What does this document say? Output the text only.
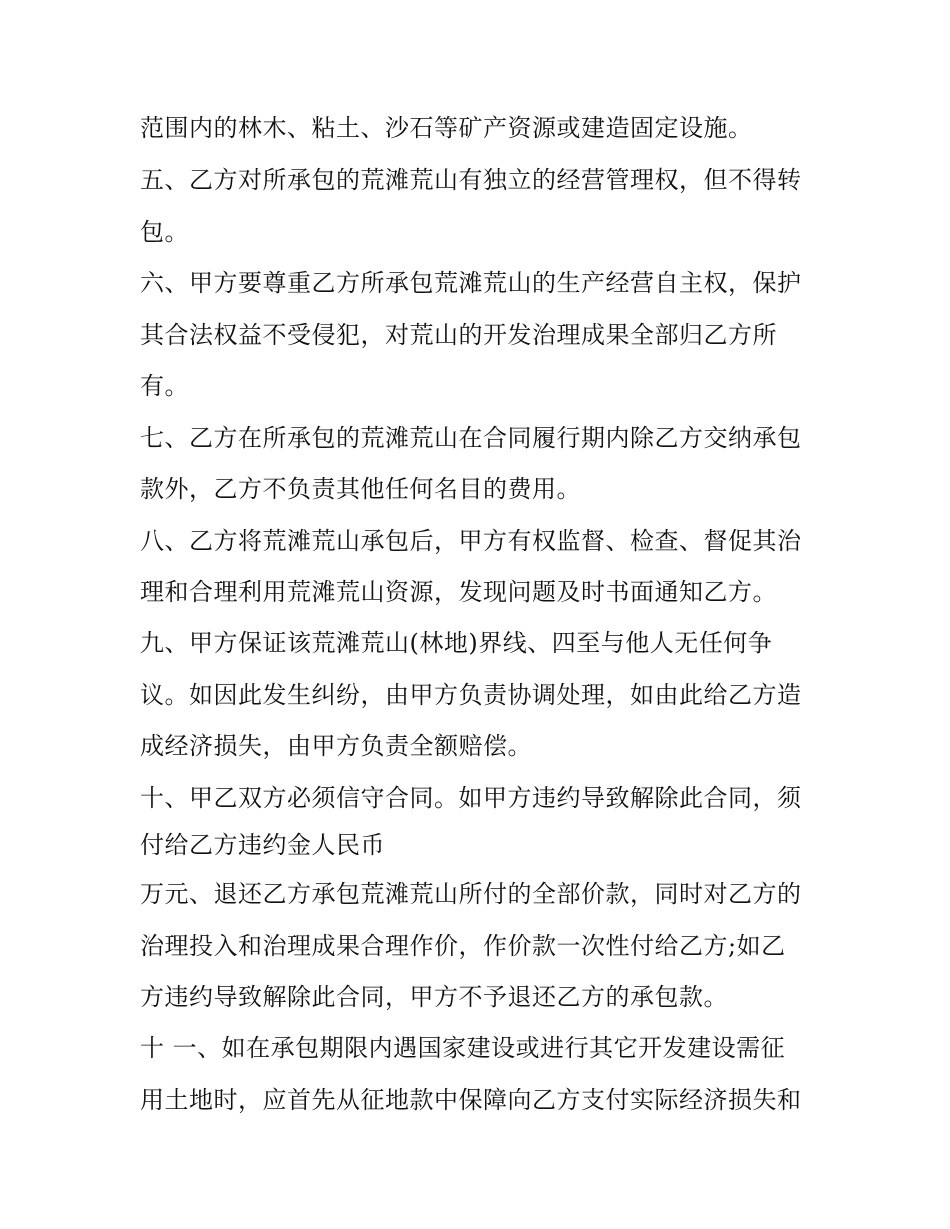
范围内的林木、粘土、沙石等矿产资源或建造固定设施。
五、乙方对所承包的荒滩荒山有独立的经营管理权，但不得转
包。
六、甲方要尊重乙方所承包荒滩荒山的生产经营自主权，保护
其合法权益不受侵犯，对荒山的开发治理成果全部归乙方所
有。
七、乙方在所承包的荒滩荒山在合同履行期内除乙方交纳承包
款外，乙方不负责其他任何名目的费用。
八、乙方将荒滩荒山承包后，甲方有权监督、检查、督促其治
理和合理利用荒滩荒山资源，发现问题及时书面通知乙方。
九、甲方保证该荒滩荒山(林地)界线、四至与他人无任何争
议。如因此发生纠纷，由甲方负责协调处理，如由此给乙方造
成经济损失，由甲方负责全额赔偿。
十、甲乙双方必须信守合同。如甲方违约导致解除此合同，须
付给乙方违约金人民币
万元、退还乙方承包荒滩荒山所付的全部价款，同时对乙方的
治理投入和治理成果合理作价，作价款一次性付给乙方;如乙
方违约导致解除此合同，甲方不予退还乙方的承包款。
十 一、如在承包期限内遇国家建设或进行其它开发建设需征
用土地时，应首先从征地款中保障向乙方支付实际经济损失和
